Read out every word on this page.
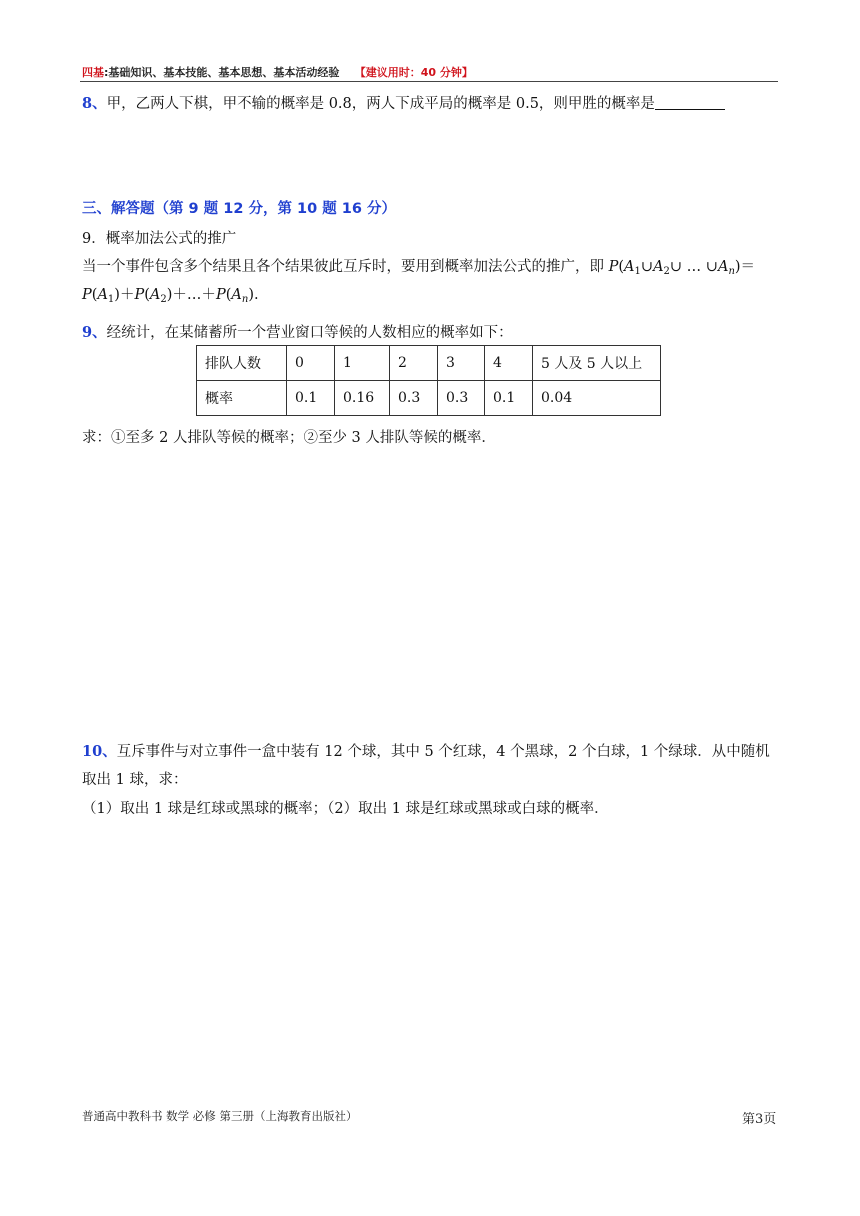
四基:基础知识、基本技能、基本思想、基本活动经验 【建议用时：40 分钟】
8、甲，乙两人下棋，甲不输的概率是 0.8，两人下成平局的概率是 0.5，则甲胜的概率是
三、解答题（第 9 题 12 分，第 10 题 16 分）
9．概率加法公式的推广
当一个事件包含多个结果且各个结果彼此互斥时，要用到概率加法公式的推广，即 $P(A_1\cup A_2\cup$ … $\cup A_n)=$
$P(A_1)+P(A_2)+\dots+P(A_n)$.
9、经统计，在某储蓄所一个营业窗口等候的人数相应的概率如下：
排队人数	0	1	2	3	4	5 人及 5 人以上
概率	0.1	0.16	0.3	0.3	0.1	0.04
求：①至多 2 人排队等候的概率；②至少 3 人排队等候的概率．
10、互斥事件与对立事件一盒中装有 12 个球，其中 5 个红球，4 个黑球，2 个白球，1 个绿球．从中随机
取出 1 球，求：
（1）取出 1 球是红球或黑球的概率；（2）取出 1 球是红球或黑球或白球的概率．
普通高中教科书 数学 必修 第三册（上海教育出版社）	第3页
